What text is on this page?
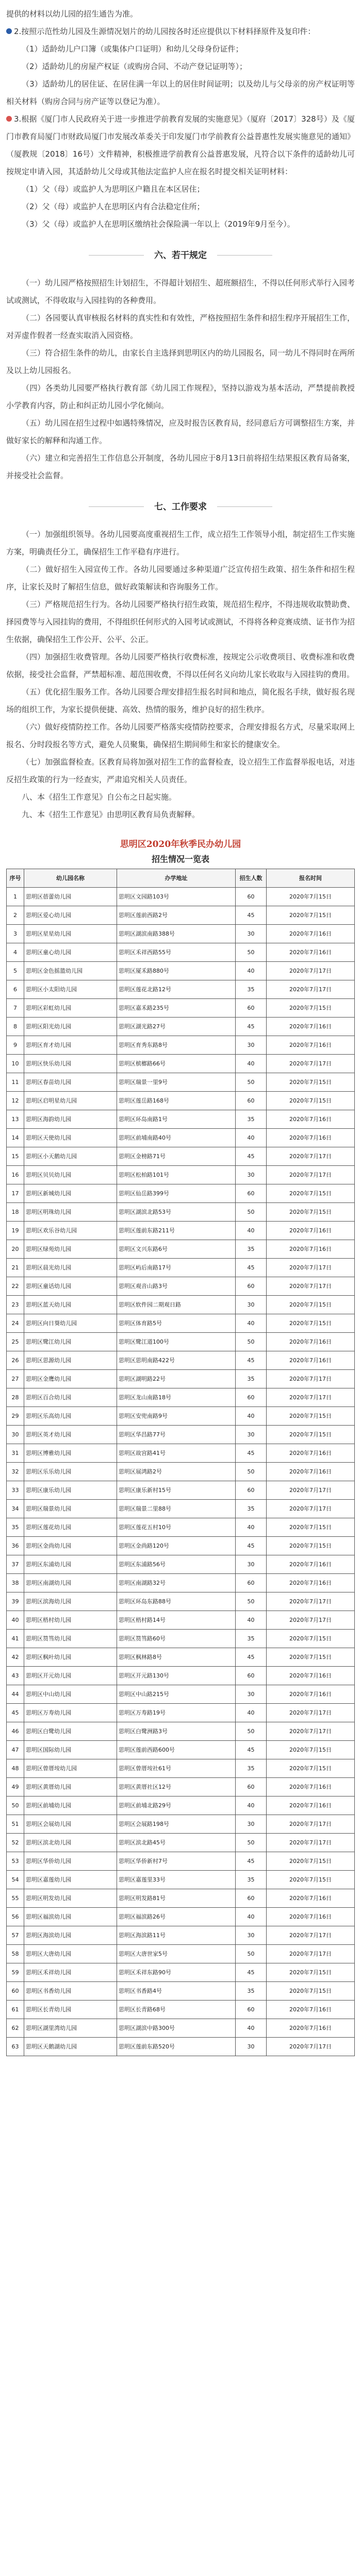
提供的材料以幼儿园的招生通告为准。

2.按照示范性幼儿园及生源情况划片的幼儿园按各时还应提供以下材料择原件及复印件：

（1）适龄幼儿户口簿（或集体户口证明）和幼儿父母身份证件；

（2）适龄幼儿的房屋产权证（或购房合同、不动产登记证明等）；

（3）适龄幼儿的居住证、在居住满一年以上的居住时间证明；以及幼儿与父母亲的房产权证明等相关材料（购房合同与房产证等以登记为准）。

3.根据《厦门市人民政府关于进一步推进学前教育发展的实施意见》（厦府〔2017〕328号）及《厦门市教育局厦门市财政局厦门市发展改革委关于印发厦门市学前教育公益普惠性发展实施意见的通知》（厦教规〔2018〕16号）文件精神，积极推进学前教育公益普惠发展，凡符合以下条件的适龄幼儿可按规定申请入园，其适龄幼儿父母或其他法定监护人应在报名时提交相关证明材料：

（1）父（母）或监护人为思明区户籍且在本区居住；

（2）父（母）或监护人在思明区内有合法稳定住所；

（3）父（母）或监护人在思明区缴纳社会保险满一年以上（2019年9月至今）。

六、若干规定

（一）幼儿园严格按照招生计划招生，不得超计划招生、超班额招生，不得以任何形式举行入园考试或测试，不得收取与入园挂钩的各种费用。

（二）各园要认真审核报名材料的真实性和有效性，严格按照招生条件和招生程序开展招生工作，对弄虚作假者一经查实取消入园资格。

（三）符合招生条件的幼儿，由家长自主选择到思明区内的幼儿园报名，同一幼儿不得同时在两所及以上幼儿园报名。

（四）各类幼儿园要严格执行教育部《幼儿园工作规程》，坚持以游戏为基本活动，严禁提前教授小学教育内容，防止和纠正幼儿园小学化倾向。

（五）幼儿园在招生过程中如遇特殊情况，应及时报告区教育局，经同意后方可调整招生方案，并做好家长的解释和沟通工作。

（六）建立和完善招生工作信息公开制度，各幼儿园应于8月13日前将招生结果报区教育局备案，并接受社会监督。

七、工作要求

（一）加强组织领导。各幼儿园要高度重视招生工作，成立招生工作领导小组，制定招生工作实施方案，明确责任分工，确保招生工作平稳有序进行。

（二）做好招生入园宣传工作。各幼儿园要通过多种渠道广泛宣传招生政策、招生条件和招生程序，让家长及时了解招生信息，做好政策解读和咨询服务工作。

（三）严格规范招生行为。各幼儿园要严格执行招生政策，规范招生程序，不得违规收取赞助费、择园费等与入园挂钩的费用，不得组织任何形式的入园考试或测试，不得将各种竞赛成绩、证书作为招生依据，确保招生工作公开、公平、公正。

（四）加强招生收费管理。各幼儿园要严格执行收费标准，按规定公示收费项目、收费标准和收费依据，接受社会监督，严禁超标准、超范围收费，不得以任何名义向幼儿家长收取与入园挂钩的费用。

（五）优化招生服务工作。各幼儿园要合理安排招生报名时间和地点，简化报名手续，做好报名现场的组织工作，为家长提供便捷、高效、热情的服务，维护良好的招生秩序。

（六）做好疫情防控工作。各幼儿园要严格落实疫情防控要求，合理安排报名方式，尽量采取网上报名、分时段报名等方式，避免人员聚集，确保招生期间师生和家长的健康安全。

（七）加强监督检查。区教育局将加强对招生工作的监督检查，设立招生工作监督举报电话，对违反招生政策的行为一经查实，严肃追究相关人员责任。

八、本《招生工作意见》自公布之日起实施。

九、本《招生工作意见》由思明区教育局负责解释。

思明区2020年秋季民办幼儿园
招生情况一览表
序号	幼儿园名称	办学地址	招生人数	报名时间
1	思明区蓓蕾幼儿园	思明区文园路103号	60	2020年7月15日
2	思明区爱心幼儿园	思明区莲前西路2号	45	2020年7月15日
3	思明区星星幼儿园	思明区湖滨南路388号	30	2020年7月16日
4	思明区童心幼儿园	思明区禾祥西路55号	50	2020年7月16日
5	思明区金色摇篮幼儿园	思明区厦禾路880号	40	2020年7月17日
6	思明区小太阳幼儿园	思明区莲花北路12号	35	2020年7月17日
7	思明区彩虹幼儿园	思明区嘉禾路235号	60	2020年7月15日
8	思明区阳光幼儿园	思明区湖光路27号	45	2020年7月16日
9	思明区育才幼儿园	思明区育秀东路8号	30	2020年7月16日
10	思明区快乐幼儿园	思明区槟榔路66号	40	2020年7月17日
11	思明区春苗幼儿园	思明区瑞景一里9号	50	2020年7月15日
12	思明区启明星幼儿园	思明区莲岳路168号	60	2020年7月15日
13	思明区海韵幼儿园	思明区环岛南路1号	35	2020年7月16日
14	思明区天使幼儿园	思明区前埔南路40号	40	2020年7月16日
15	思明区小天鹅幼儿园	思明区金榜路71号	45	2020年7月17日
16	思明区贝贝幼儿园	思明区松柏路101号	30	2020年7月17日
17	思明区新城幼儿园	思明区仙岳路399号	60	2020年7月15日
18	思明区明珠幼儿园	思明区湖滨北路53号	50	2020年7月15日
19	思明区欢乐谷幼儿园	思明区莲前东路211号	40	2020年7月16日
20	思明区绿苑幼儿园	思明区文兴东路6号	35	2020年7月16日
21	思明区晨光幼儿园	思明区屿后南路17号	45	2020年7月17日
22	思明区童话幼儿园	思明区观音山路3号	60	2020年7月17日
23	思明区蓝天幼儿园	思明区软件园二期观日路	30	2020年7月15日
24	思明区向日葵幼儿园	思明区体育路5号	40	2020年7月15日
25	思明区鹭江幼儿园	思明区鹭江道100号	50	2020年7月16日
26	思明区思源幼儿园	思明区思明南路422号	45	2020年7月16日
27	思明区金鹰幼儿园	思明区湖明路22号	35	2020年7月17日
28	思明区百合幼儿园	思明区龙山南路18号	60	2020年7月17日
29	思明区乐高幼儿园	思明区安兜南路9号	40	2020年7月15日
30	思明区英才幼儿园	思明区华昌路77号	30	2020年7月15日
31	思明区博雅幼儿园	思明区故宫路41号	45	2020年7月16日
32	思明区乐乐幼儿园	思明区展鸿路2号	50	2020年7月16日
33	思明区康乐幼儿园	思明区康乐新村15号	60	2020年7月17日
34	思明区瑞景幼儿园	思明区瑞景二里88号	35	2020年7月17日
35	思明区莲花幼儿园	思明区莲花五村10号	40	2020年7月15日
36	思明区金尚幼儿园	思明区金尚路120号	45	2020年7月15日
37	思明区东浦幼儿园	思明区东浦路56号	30	2020年7月16日
38	思明区南湖幼儿园	思明区南湖路32号	60	2020年7月16日
39	思明区滨海幼儿园	思明区环岛东路88号	50	2020年7月17日
40	思明区梧村幼儿园	思明区梧村路14号	40	2020年7月17日
41	思明区筼筜幼儿园	思明区筼筜路60号	35	2020年7月15日
42	思明区枫叶幼儿园	思明区枫林路8号	45	2020年7月15日
43	思明区开元幼儿园	思明区开元路130号	60	2020年7月16日
44	思明区中山幼儿园	思明区中山路215号	30	2020年7月16日
45	思明区万寿幼儿园	思明区万寿路19号	40	2020年7月17日
46	思明区白鹭幼儿园	思明区白鹭洲路3号	50	2020年7月17日
47	思明区国际幼儿园	思明区莲前西路600号	45	2020年7月15日
48	思明区曾厝垵幼儿园	思明区曾厝垵社61号	35	2020年7月15日
49	思明区黄厝幼儿园	思明区黄厝社区12号	60	2020年7月16日
50	思明区前埔幼儿园	思明区前埔北路29号	40	2020年7月16日
51	思明区会展幼儿园	思明区会展路198号	30	2020年7月17日
52	思明区滨北幼儿园	思明区滨北路45号	50	2020年7月17日
53	思明区华侨幼儿园	思明区华侨新村7号	45	2020年7月15日
54	思明区嘉莲幼儿园	思明区嘉莲里33号	35	2020年7月15日
55	思明区明发幼儿园	思明区明发路81号	60	2020年7月16日
56	思明区福滨幼儿园	思明区福滨路26号	40	2020年7月16日
57	思明区海滨幼儿园	思明区海滨路11号	30	2020年7月17日
58	思明区大唐幼儿园	思明区大唐世家5号	50	2020年7月17日
59	思明区禾祥幼儿园	思明区禾祥东路90号	45	2020年7月15日
60	思明区书香幼儿园	思明区书香路4号	35	2020年7月15日
61	思明区长青幼儿园	思明区长青路68号	60	2020年7月16日
62	思明区湖里湾幼儿园	思明区湖滨中路300号	40	2020年7月16日
63	思明区天鹅湖幼儿园	思明区莲前东路520号	30	2020年7月17日
